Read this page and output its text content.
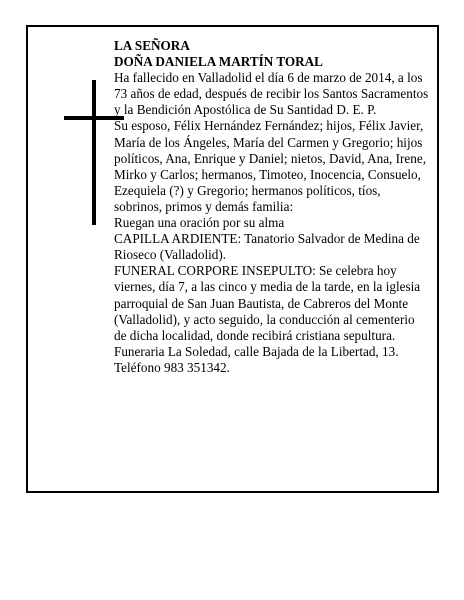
LA SEÑORA

DOÑA DANIELA MARTÍN TORAL

Ha fallecido en Valladolid el día 6 de marzo de 2014, a los 73 años de edad, después de recibir los Santos Sacramentos y la Bendición Apostólica de Su Santidad D. E. P.

Su esposo, Félix Hernández Fernández; hijos, Félix Javier, María de los Ángeles, María del Carmen y Gregorio; hijos políticos, Ana, Enrique y Daniel; nietos, David, Ana, Irene, Mirko y Carlos; hermanos, Timoteo, Inocencia, Consuelo, Ezequiela (?) y Gregorio; hermanos políticos, tíos, sobrinos, primos y demás familia:

Ruegan una oración por su alma

CAPILLA ARDIENTE: Tanatorio Salvador de Medina de Rioseco (Valladolid).

FUNERAL CORPORE INSEPULTO: Se celebra hoy viernes, día 7, a las cinco y media de la tarde, en la iglesia parroquial de San Juan Bautista, de Cabreros del Monte (Valladolid), y acto seguido, la conducción al cementerio de dicha localidad, donde recibirá cristiana sepultura.

Funeraria La Soledad, calle Bajada de la Libertad, 13. Teléfono 983 351342.
